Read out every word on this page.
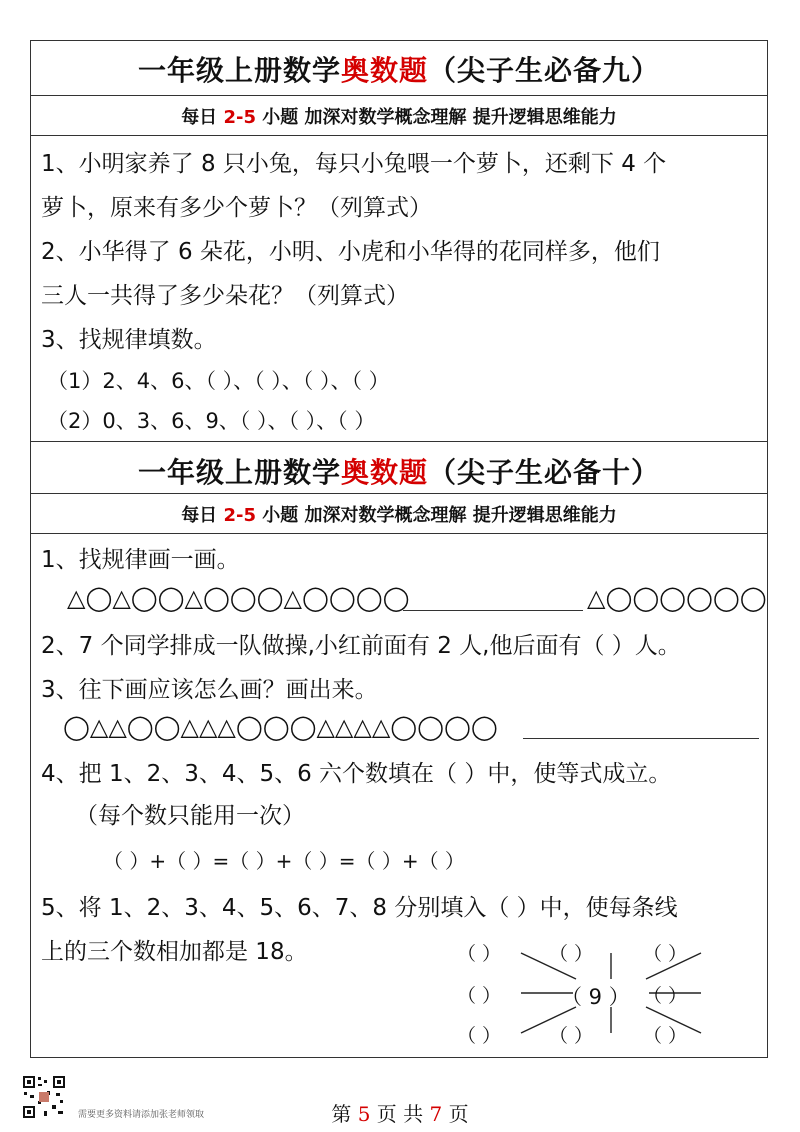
一年级上册数学奥数题（尖子生必备九）
每日 2-5 小题 加深对数学概念理解 提升逻辑思维能力
1、小明家养了 8 只小兔，每只小兔喂一个萝卜，还剩下 4 个
萝卜，原来有多少个萝卜？（列算式）
2、小华得了 6 朵花，小明、小虎和小华得的花同样多，他们
三人一共得了多少朵花？（列算式）
3、找规律填数。
（1）2、4、6、（ ）、（ ）、（ ）、（ ）
（2）0、3、6、9、（ ）、（ ）、（ ）
一年级上册数学奥数题（尖子生必备十）
每日 2-5 小题 加深对数学概念理解 提升逻辑思维能力
1、找规律画一画。
△◯△◯◯△◯◯◯△◯◯◯◯	△◯◯◯◯◯◯
2、7 个同学排成一队做操,小红前面有 2 人,他后面有（ ）人。
3、往下画应该怎么画？画出来。
◯△△◯◯△△△◯◯◯△△△△◯◯◯◯
4、把 1、2、3、4、5、6 六个数填在（ ）中，使等式成立。
（每个数只能用一次）
（ ）+（ ）=（ ）+（ ）=（ ）+（ ）
5、将 1、2、3、4、5、6、7、8 分别填入（ ）中，使每条线
上的三个数相加都是 18。	（ ）	（ ）	（ ）
（ ）	（ 9 ） （ ）
（ ）	（ ）	（ ）
需要更多资料请添加张老师领取	第 5 页 共 7 页
